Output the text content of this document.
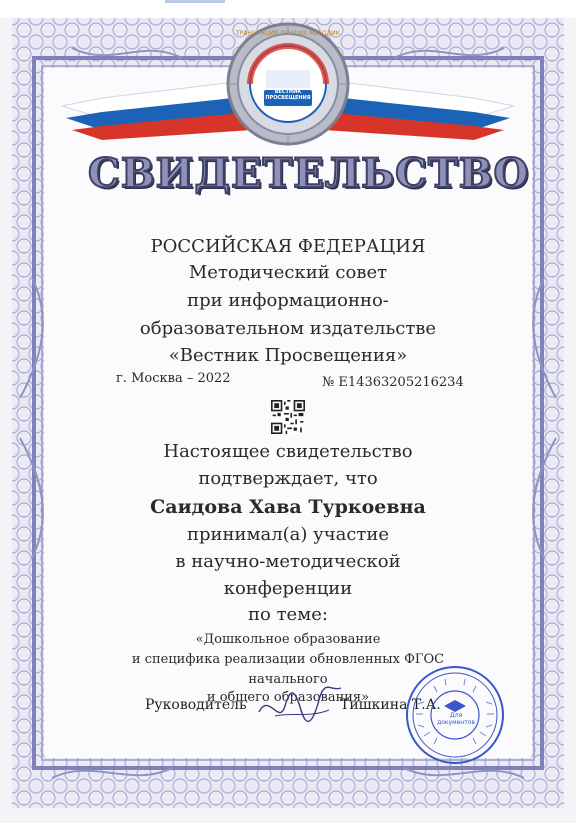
ТРАНСЛЯЦИЯ ЛУЧШИХ МЕТОДИК
ВЕСТНИК ПРОСВЕЩЕНИЯ
СВИДЕТЕЛЬСТВО
РОССИЙСКАЯ ФЕДЕРАЦИЯ
Методический совет
при информационно-
образовательном издательстве
«Вестник Просвещения»
г. Москва – 2022	№ Е14363205216234
Настоящее свидетельство
подтверждает, что
Саидова Хава Туркоевна
принимал(а) участие
в научно-методической
конференции
по теме:
«Дошкольное образование
и специфика реализации обновленных ФГОС
начального
и общего образования»
Руководитель	Тишкина Т.А.
Для документов
